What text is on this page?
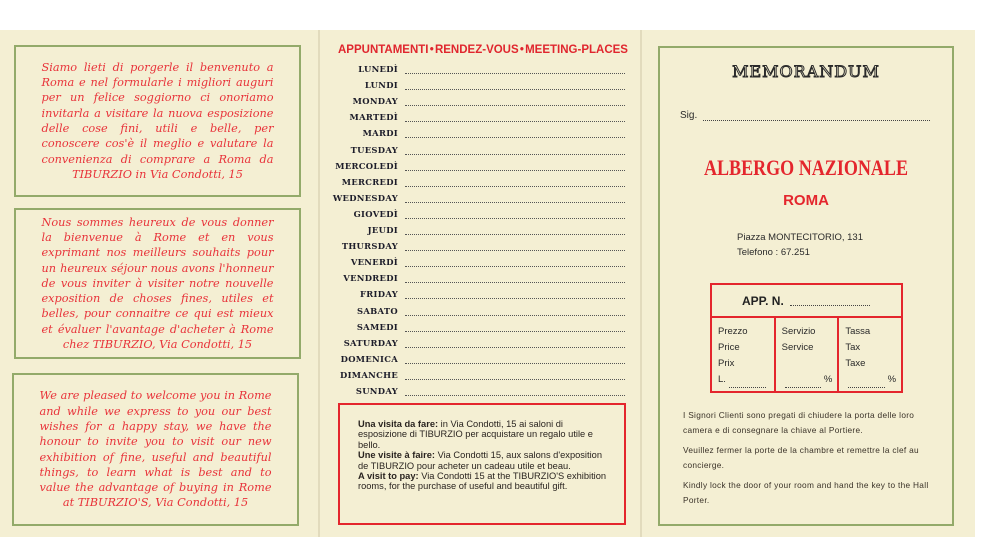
Siamo lieti di porgerle il benvenuto a Roma e nel formularle i migliori auguri per un felice soggiorno ci onoriamo invitarla a visitare la nuova esposizione delle cose fini, utili e belle, per conoscere cos'è il meglio e valutare la convenienza di comprare a Roma da TIBURZIO in Via Condotti, 15
Nous sommes heureux de vous donner la bienvenue à Rome et en vous exprimant nos meilleurs souhaits pour un heureux séjour nous avons l'honneur de vous inviter à visiter notre nouvelle exposition de choses fines, utiles et belles, pour connaitre ce qui est mieux et évaluer l'avantage d'acheter à Rome chez TIBURZIO, Via Condotti, 15
We are pleased to welcome you in Rome and while we express to you our best wishes for a happy stay, we have the honour to invite you to visit our new exhibition of fine, useful and beautiful things, to learn what is best and to value the advantage of buying in Rome at TIBURZIO'S, Via Condotti, 15
APPUNTAMENTI • RENDEZ-VOUS • MEETING-PLACES
LUNEDÌ
LUNDI
MONDAY
MARTEDÌ
MARDI
TUESDAY
MERCOLEDÌ
MERCREDI
WEDNESDAY
GIOVEDÌ
JEUDI
THURSDAY
VENERDÌ
VENDREDI
FRIDAY
SABATO
SAMEDI
SATURDAY
DOMENICA
DIMANCHE
SUNDAY
Una visita da fare: in Via Condotti, 15 ai saloni di esposizione di TIBURZIO per acquistare un regalo utile e bello.
Une visite à faire: Via Condotti 15, aux salons d'exposition de TIBURZIO pour acheter un cadeau utile et beau.
A visit to pay: Via Condotti 15 at the TIBURZIO'S exhibition rooms, for the purchase of useful and beautiful gift.
MEMORANDUM
Sig.
ALBERGO NAZIONALE
ROMA
Piazza MONTECITORIO, 131
Telefono : 67.251
APP. N.
Prezzo
Price
Prix
L.
Servizio
Service
%
Tassa
Tax
Taxe
%
I Signori Clienti sono pregati di chiudere la porta delle loro camera e di consegnare la chiave al Portiere.
Veuillez fermer la porte de la chambre et remettre la clef au concierge.
Kindly lock the door of your room and hand the key to the Hall Porter.
